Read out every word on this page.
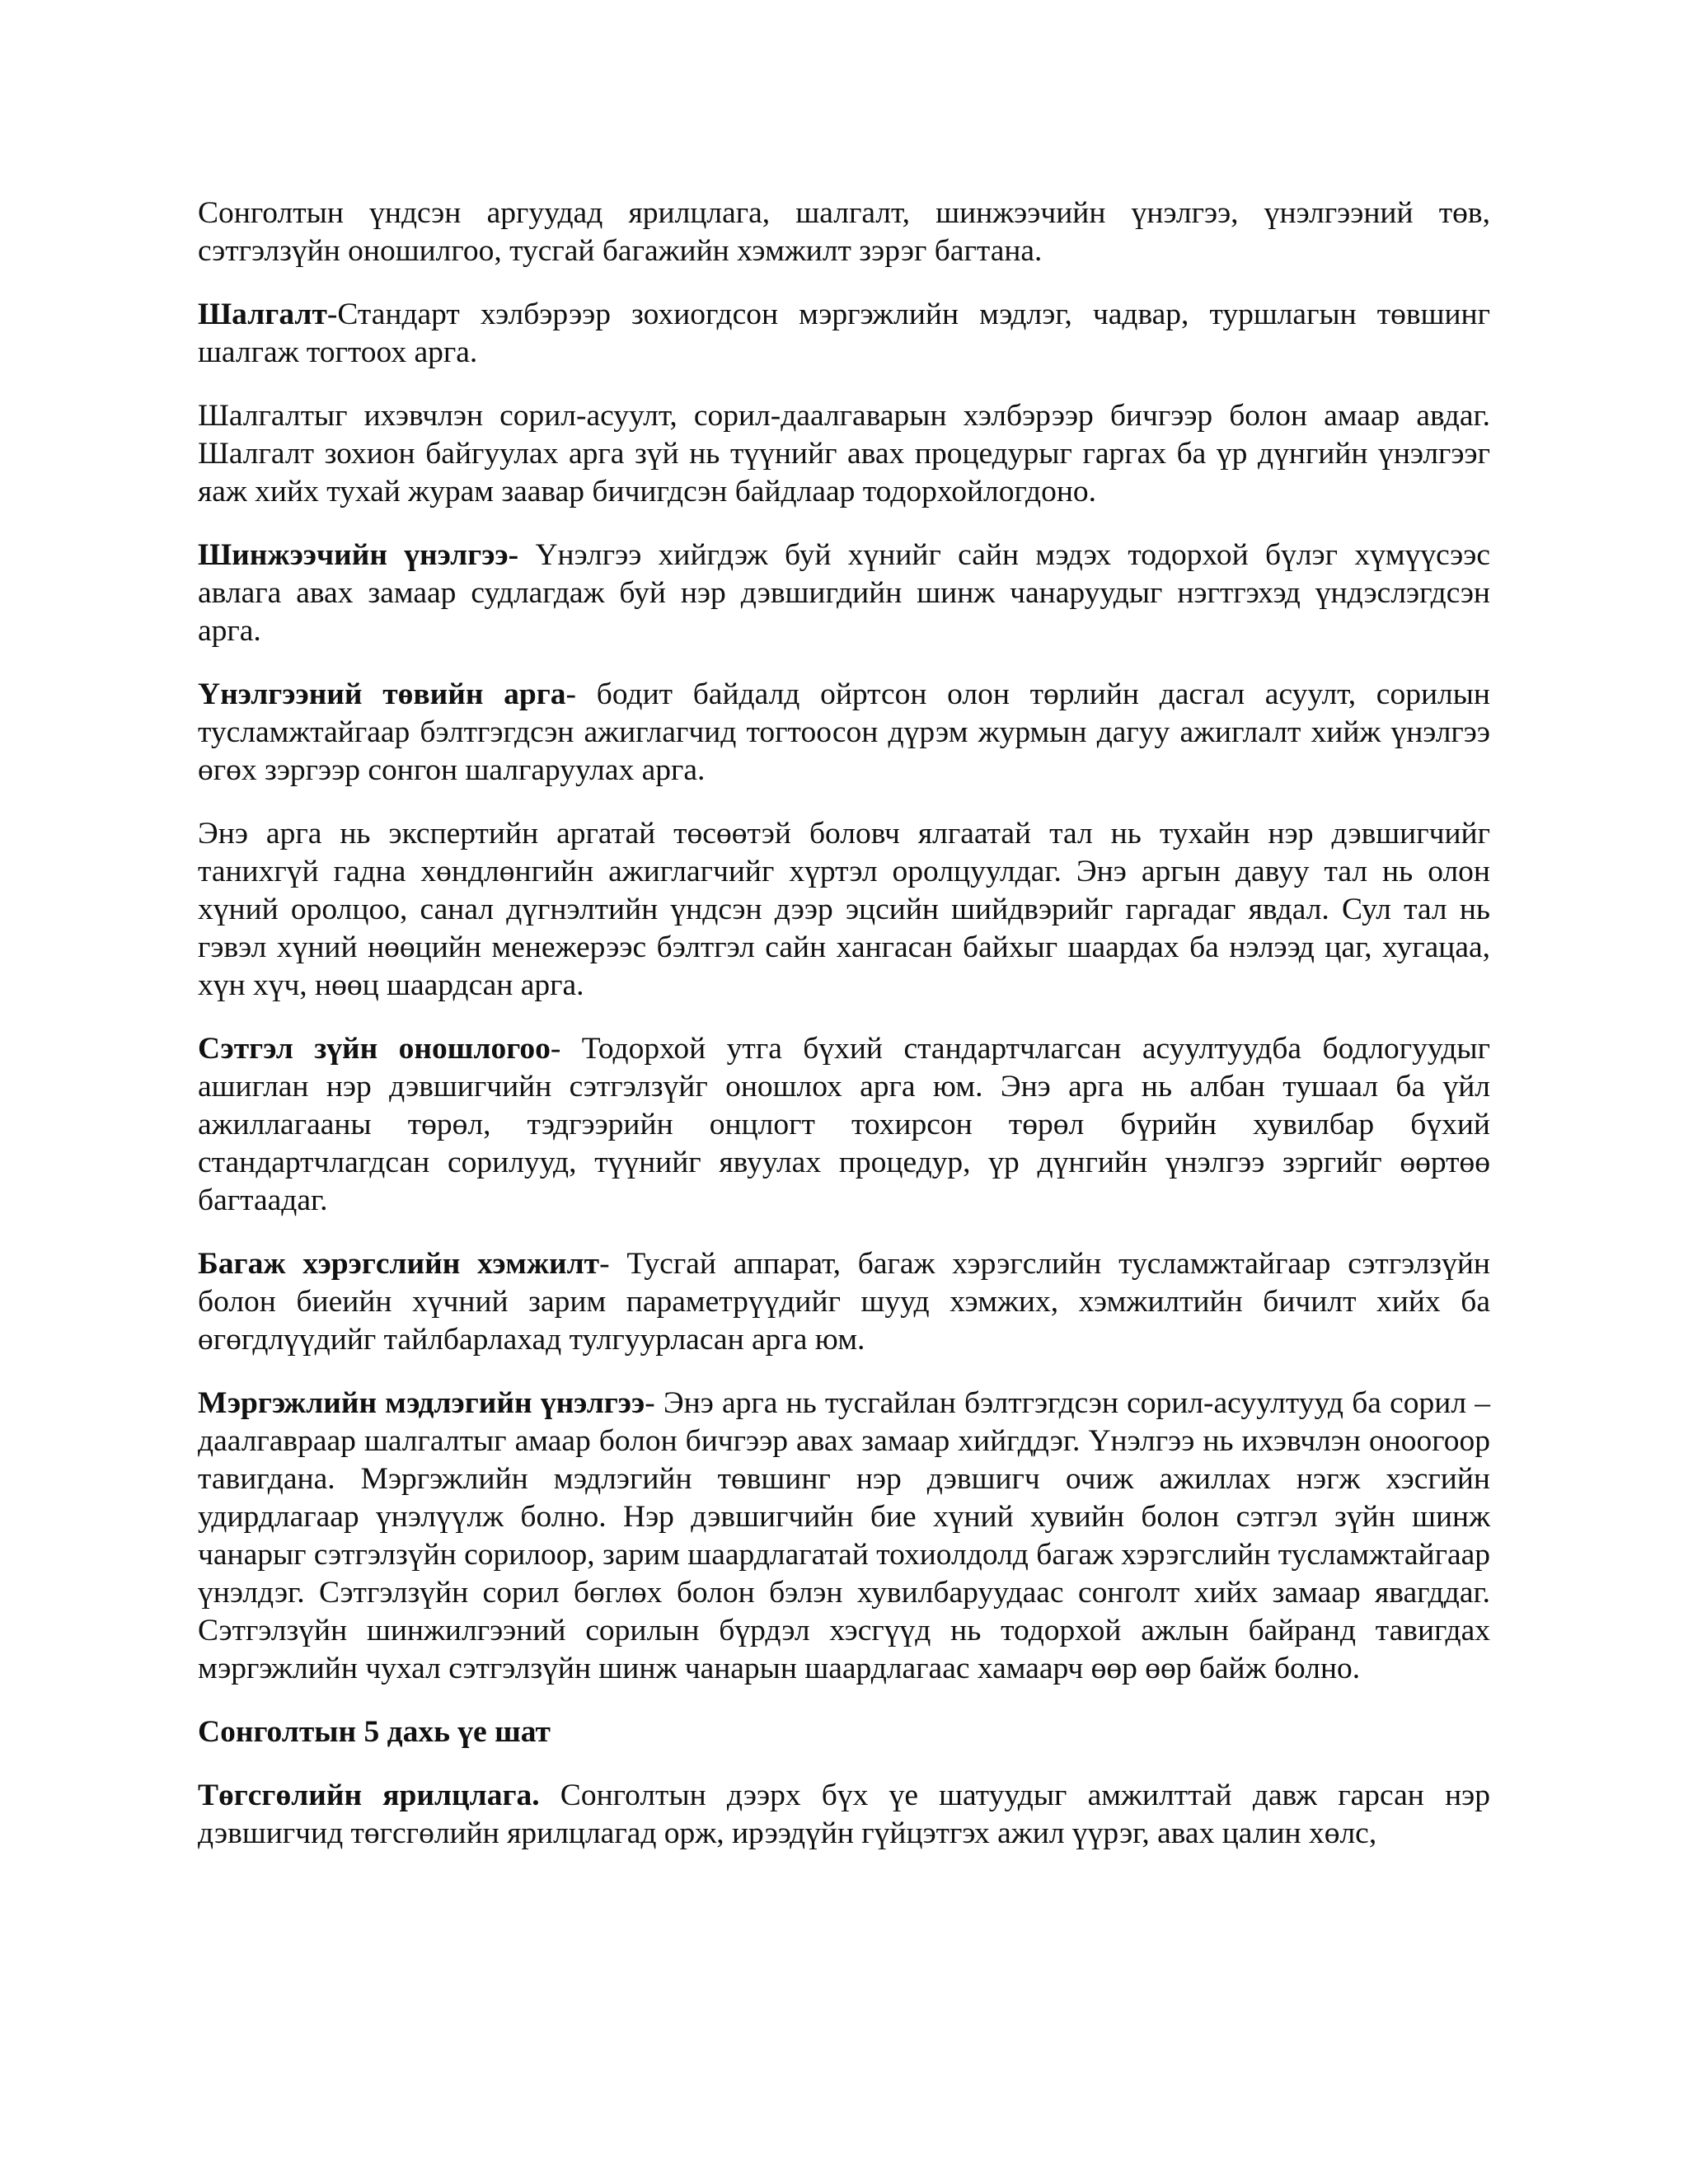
Сонголтын үндсэн аргуудад ярилцлага, шалгалт, шинжээчийн үнэлгээ, үнэлгээний төв, сэтгэлзүйн оношилгоо, тусгай багажийн хэмжилт зэрэг багтана.

Шалгалт-Стандарт хэлбэрээр зохиогдсон мэргэжлийн мэдлэг, чадвар, туршлагын төвшинг шалгаж тогтоох арга.

Шалгалтыг ихэвчлэн сорил-асуулт, сорил-даалгаварын хэлбэрээр бичгээр болон амаар авдаг. Шалгалт зохион байгуулах арга зүй нь түүнийг авах процедурыг гаргах ба үр дүнгийн үнэлгээг яаж хийх тухай журам заавар бичигдсэн байдлаар тодорхойлогдоно.

Шинжээчийн үнэлгээ- Үнэлгээ хийгдэж буй хүнийг сайн мэдэх тодорхой бүлэг хүмүүсээс авлага авах замаар судлагдаж буй нэр дэвшигдийн шинж чанаруудыг нэгтгэхэд үндэслэгдсэн арга.

Үнэлгээний төвийн арга- бодит байдалд ойртсон олон төрлийн дасгал асуулт, сорилын тусламжтайгаар бэлтгэгдсэн ажиглагчид тогтоосон дүрэм журмын дагуу ажиглалт хийж үнэлгээ өгөх зэргээр сонгон шалгаруулах арга.

Энэ арга нь экспертийн аргатай төсөөтэй боловч ялгаатай тал нь тухайн нэр дэвшигчийг танихгүй гадна хөндлөнгийн ажиглагчийг хүртэл оролцуулдаг. Энэ аргын давуу тал нь олон хүний оролцоо, санал дүгнэлтийн үндсэн дээр эцсийн шийдвэрийг гаргадаг явдал. Сул тал нь гэвэл хүний нөөцийн менежерээс бэлтгэл сайн хангасан байхыг шаардах ба нэлээд цаг, хугацаа, хүн хүч, нөөц шаардсан арга.

Сэтгэл зүйн оношлогоо- Тодорхой утга бүхий стандартчлагсан асуултуудба бодлогуудыг ашиглан нэр дэвшигчийн сэтгэлзүйг оношлох арга юм. Энэ арга нь албан тушаал ба үйл ажиллагааны төрөл, тэдгээрийн онцлогт тохирсон төрөл бүрийн хувилбар бүхий стандартчлагдсан сорилууд, түүнийг явуулах процедур, үр дүнгийн үнэлгээ зэргийг өөртөө багтаадаг.

Багаж хэрэгслийн хэмжилт- Тусгай аппарат, багаж хэрэгслийн тусламжтайгаар сэтгэлзүйн болон биеийн хүчний зарим параметрүүдийг шууд хэмжих, хэмжилтийн бичилт хийх ба өгөгдлүүдийг тайлбарлахад тулгуурласан арга юм.

Мэргэжлийн мэдлэгийн үнэлгээ- Энэ арга нь тусгайлан бэлтгэгдсэн сорил-асуултууд ба сорил –даалгавраар шалгалтыг амаар болон бичгээр авах замаар хийгддэг. Үнэлгээ нь ихэвчлэн оноогоор тавигдана. Мэргэжлийн мэдлэгийн төвшинг нэр дэвшигч очиж ажиллах нэгж хэсгийн удирдлагаар үнэлүүлж болно. Нэр дэвшигчийн бие хүний хувийн болон сэтгэл зүйн шинж чанарыг сэтгэлзүйн сорилоор, зарим шаардлагатай тохиолдолд багаж хэрэгслийн тусламжтайгаар үнэлдэг. Сэтгэлзүйн сорил бөглөх болон бэлэн хувилбаруудаас сонголт хийх замаар явагддаг. Сэтгэлзүйн шинжилгээний сорилын бүрдэл хэсгүүд нь тодорхой ажлын байранд тавигдах мэргэжлийн чухал сэтгэлзүйн шинж чанарын шаардлагаас хамаарч өөр өөр байж болно.

Сонголтын 5 дахь үе шат

Төгсгөлийн ярилцлага. Сонголтын дээрх бүх үе шатуудыг амжилттай давж гарсан нэр дэвшигчид төгсгөлийн ярилцлагад орж, ирээдүйн гүйцэтгэх ажил үүрэг, авах цалин хөлс,
